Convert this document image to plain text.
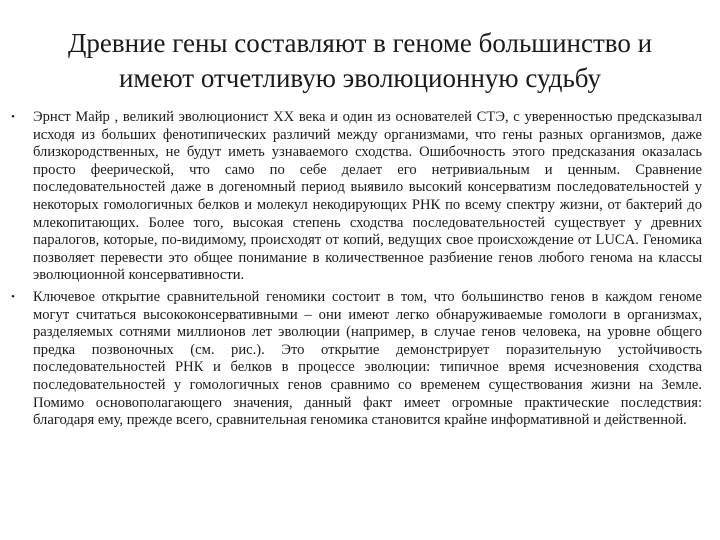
Древние гены составляют в геноме большинство и
имеют отчетливую эволюционную судьбу
• Эрнст Майр , великий эволюционист XX века и один из основателей СТЭ, с уверенностью предсказывал исходя из больших фенотипических различий между организмами, что гены разных организмов, даже близкородственных, не будут иметь узнаваемого сходства. Ошибочность этого предсказания оказалась просто феерической, что само по себе делает его нетривиальным и ценным. Сравнение последовательностей даже в догеномный период выявило высокий консерватизм последовательностей у некоторых гомологичных белков и молекул некодирующих РНК по всему спектру жизни, от бактерий до млекопитающих. Более того, высокая степень сходства последовательностей существует у древних паралогов, которые, по-видимому, происходят от копий, ведущих свое происхождение от LUCA. Геномика позволяет перевести это общее понимание в количественное разбиение генов любого генома на классы эволюционной консервативности.
• Ключевое открытие сравнительной геномики состоит в том, что большинство генов в каждом геноме могут считаться высококонсервативными – они имеют легко обнаруживаемые гомологи в организмах, разделяемых сотнями миллионов лет эволюции (например, в случае генов человека, на уровне общего предка позвоночных (см. рис.). Это открытие демонстрирует поразительную устойчивость последовательностей РНК и белков в процессе эволюции: типичное время исчезновения сходства последовательностей у гомологичных генов сравнимо со временем существования жизни на Земле. Помимо основополагающего значения, данный факт имеет огромные практические последствия: благодаря ему, прежде всего, сравнительная геномика становится крайне информативной и действенной.
